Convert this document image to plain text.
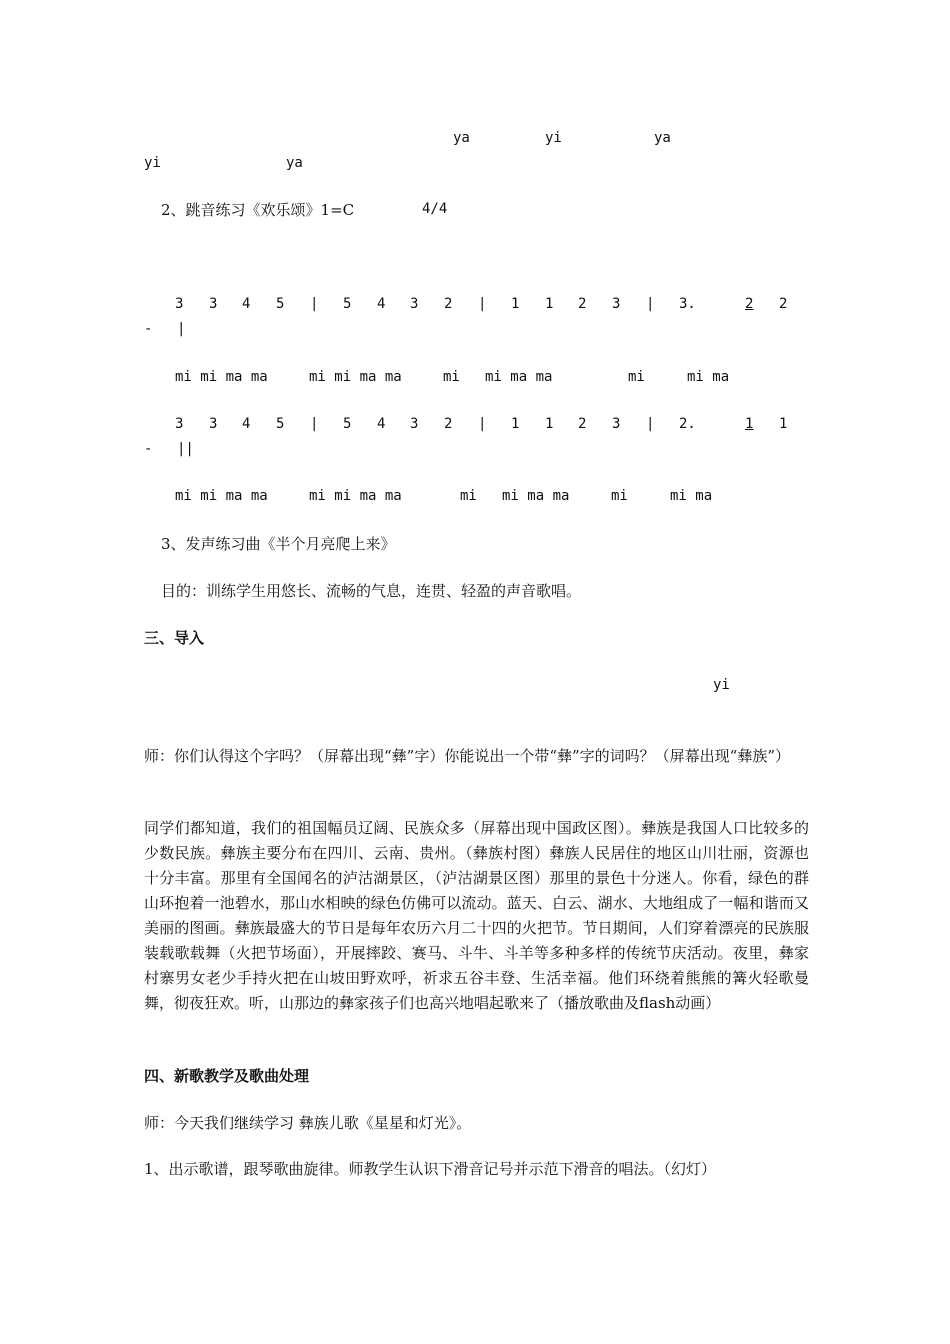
ya	yi	ya
yi	ya
2、跳音练习《欢乐颂》1=C	4/4
3 3 4 5 | 5 4 3 2 | 1 1 2 3 | 3.	2 2
- |
mi mi ma ma	mi mi ma ma	mi mi ma ma	mi	mi ma
3 3 4 5 | 5 4 3 2 | 1 1 2 3 | 2.	1 1
- ||
mi mi ma ma	mi mi ma ma	mi mi ma ma	mi	mi ma
3、发声练习曲《半个月亮爬上来》
目的：训练学生用悠长、流畅的气息，连贯、轻盈的声音歌唱。
三、导入
yi
师：你们认得这个字吗？（屏幕出现“彝”字）你能说出一个带“彝”字的词吗？（屏幕出现“彝族”）
同学们都知道，我们的祖国幅员辽阔、民族众多（屏幕出现中国政区图）。彝族是我国人口比较多的少数民族。彝族主要分布在四川、云南、贵州。（彝族村图）彝族人民居住的地区山川壮丽，资源也十分丰富。那里有全国闻名的泸沽湖景区，（泸沽湖景区图）那里的景色十分迷人。你看，绿色的群山环抱着一池碧水，那山水相映的绿色仿佛可以流动。蓝天、白云、湖水、大地组成了一幅和谐而又美丽的图画。彝族最盛大的节日是每年农历六月二十四的火把节。节日期间，人们穿着漂亮的民族服装载歌载舞（火把节场面），开展摔跤、赛马、斗牛、斗羊等多种多样的传统节庆活动。夜里，彝家村寨男女老少手持火把在山坡田野欢呼，祈求五谷丰登、生活幸福。他们环绕着熊熊的篝火轻歌曼舞，彻夜狂欢。听，山那边的彝家孩子们也高兴地唱起歌来了（播放歌曲及flash动画）
四、新歌教学及歌曲处理
师：今天我们继续学习 彝族儿歌《星星和灯光》。
1、出示歌谱，跟琴歌曲旋律。师教学生认识下滑音记号并示范下滑音的唱法。（幻灯）
